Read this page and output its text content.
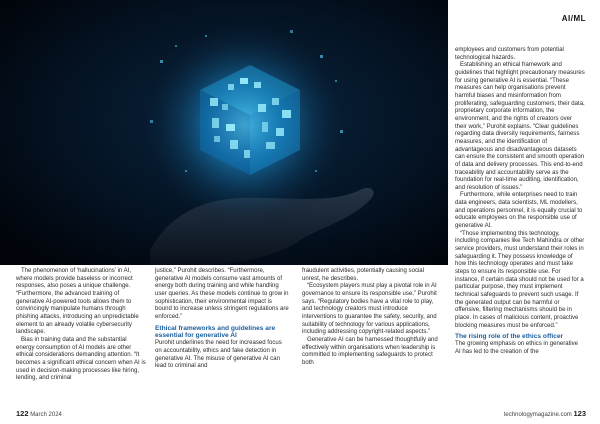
AI/ML

The phenomenon of ‘hallucinations’ in AI, where models provide baseless or incorrect responses, also poses a unique challenge. “Furthermore, the advanced training of generative AI-powered tools allows them to convincingly manipulate humans through phishing attacks, introducing an unpredictable element to an already volatile cybersecurity landscape.

Bias in training data and the substantial energy consumption of AI models are other ethical considerations demanding attention. “It becomes a significant ethical concern when AI is used in decision-making processes like hiring, lending, and criminal

justice,” Purohit describes. “Furthermore, generative AI models consume vast amounts of energy both during training and while handling user queries. As these models continue to grow in sophistication, their environmental impact is bound to increase unless stringent regulations are enforced.”

Ethical frameworks and guidelines are essential for generative AI

Purohit underlines the need for increased focus on accountability, ethics and fake detection in generative AI. The misuse of generative AI can lead to criminal and

fraudulent activities, potentially causing social unrest, he describes.

“Ecosystem players must play a pivotal role in AI governance to ensure its responsible use,” Purohit says. “Regulatory bodies have a vital role to play, and technology creators must introduce interventions to guarantee the safety, security, and suitability of technology for various applications, including addressing copyright-related aspects.”

Generative AI can be harnessed thoughtfully and effectively within organisations when leadership is committed to implementing safeguards to protect both

employees and customers from potential technological hazards.

Establishing an ethical framework and guidelines that highlight precautionary measures for using generative AI is essential. “These measures can help organisations prevent harmful biases and misinformation from proliferating, safeguarding customers, their data, proprietary corporate information, the environment, and the rights of creators over their work,” Purohit explains. “Clear guidelines regarding data diversity requirements, fairness measures, and the identification of advantageous and disadvantageous datasets can ensure the consistent and smooth operation of data and delivery processes. This end-to-end traceability and accountability serve as the foundation for real-time auditing, identification, and resolution of issues.”

Furthermore, while enterprises need to train data engineers, data scientists, ML modellers, and operations personnel, it is equally crucial to educate employees on the responsible use of generative AI.

“Those implementing this technology, including companies like Tech Mahindra or other service providers, must understand their roles in safeguarding it. They possess knowledge of how this technology operates and must take steps to ensure its responsible use. For instance, if certain data should not be used for a particular purpose, they must implement technical safeguards to prevent such usage. If the generated output can be harmful or offensive, filtering mechanisms should be in place. In cases of malicious content, proactive blocking measures must be enforced.”

The rising role of the ethics officer

The growing emphasis on ethics in generative AI has led to the creation of the

122 March 2024	technologymagazine.com 123
